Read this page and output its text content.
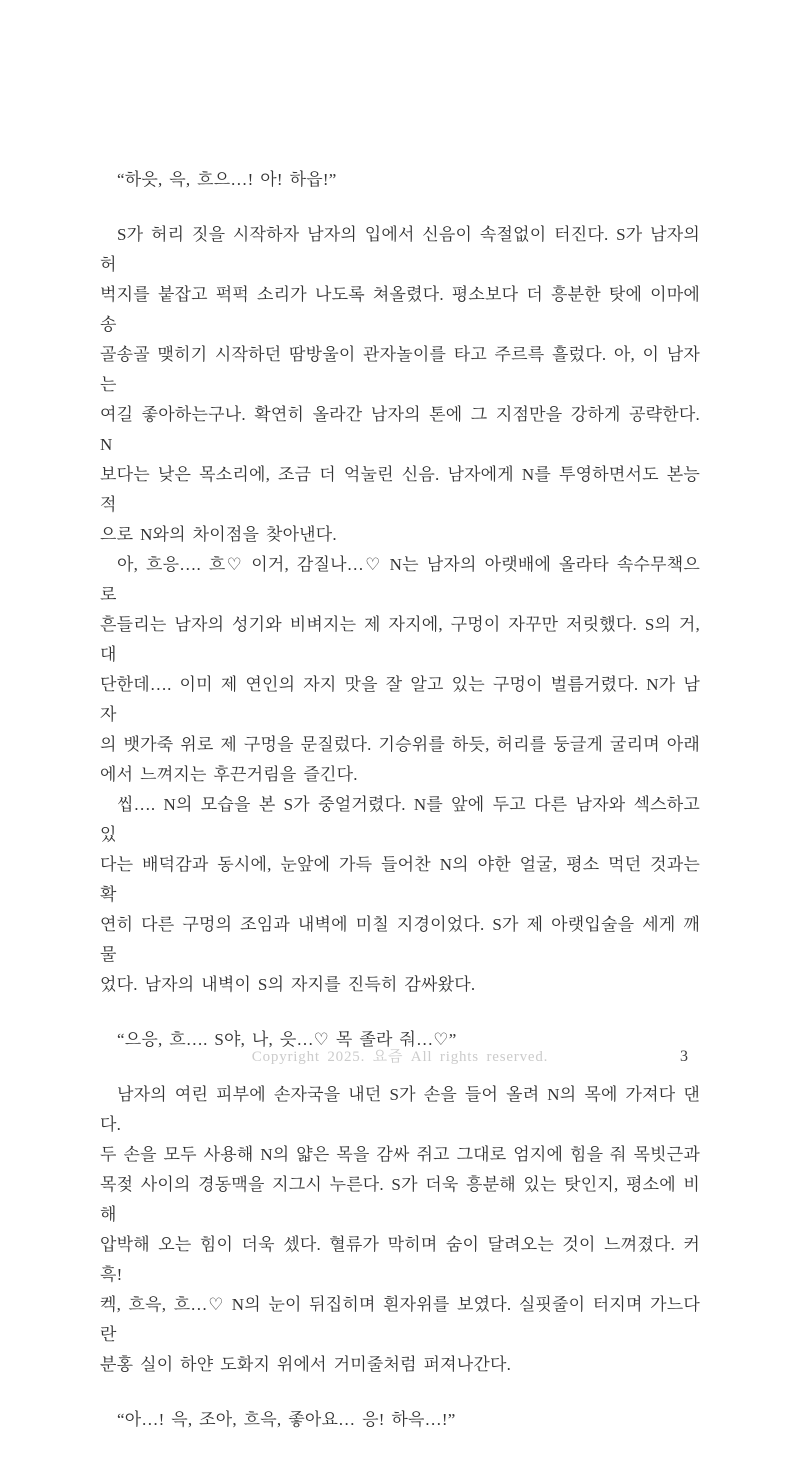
“하읏, 윽, 흐으…! 아! 하읍!”
S가 허리 짓을 시작하자 남자의 입에서 신음이 속절없이 터진다. S가 남자의 허
벅지를 붙잡고 퍽퍽 소리가 나도록 쳐올렸다. 평소보다 더 흥분한 탓에 이마에 송
골송골 맺히기 시작하던 땀방울이 관자놀이를 타고 주르륵 흘렀다. 아, 이 남자는
여길 좋아하는구나. 확연히 올라간 남자의 톤에 그 지점만을 강하게 공략한다. N
보다는 낮은 목소리에, 조금 더 억눌린 신음. 남자에게 N를 투영하면서도 본능적
으로 N와의 차이점을 찾아낸다.
아, 흐응…. 흐♡ 이거, 감질나…♡ N는 남자의 아랫배에 올라타 속수무책으로
흔들리는 남자의 성기와 비벼지는 제 자지에, 구멍이 자꾸만 저릿했다. S의 거, 대
단한데…. 이미 제 연인의 자지 맛을 잘 알고 있는 구멍이 벌름거렸다. N가 남자
의 뱃가죽 위로 제 구멍을 문질렀다. 기승위를 하듯, 허리를 둥글게 굴리며 아래
에서 느껴지는 후끈거림을 즐긴다.
씹…. N의 모습을 본 S가 중얼거렸다. N를 앞에 두고 다른 남자와 섹스하고 있
다는 배덕감과 동시에, 눈앞에 가득 들어찬 N의 야한 얼굴, 평소 먹던 것과는 확
연히 다른 구멍의 조임과 내벽에 미칠 지경이었다. S가 제 아랫입술을 세게 깨물
었다. 남자의 내벽이 S의 자지를 진득히 감싸왔다.
“으응, 흐…. S야, 나, 읏…♡ 목 졸라 줘…♡”
남자의 여린 피부에 손자국을 내던 S가 손을 들어 올려 N의 목에 가져다 댄다.
두 손을 모두 사용해 N의 얇은 목을 감싸 쥐고 그대로 엄지에 힘을 줘 목빗근과
목젖 사이의 경동맥을 지그시 누른다. S가 더욱 흥분해 있는 탓인지, 평소에 비해
압박해 오는 힘이 더욱 셌다. 혈류가 막히며 숨이 달려오는 것이 느껴졌다. 커흑!
켁, 흐윽, 흐…♡ N의 눈이 뒤집히며 흰자위를 보였다. 실핏줄이 터지며 가느다란
분홍 실이 하얀 도화지 위에서 거미줄처럼 퍼져나간다.
“아…! 윽, 조아, 흐윽, 좋아요… 응! 하윽…!”
Copyright 2025. 요즘 All rights reserved.	3
